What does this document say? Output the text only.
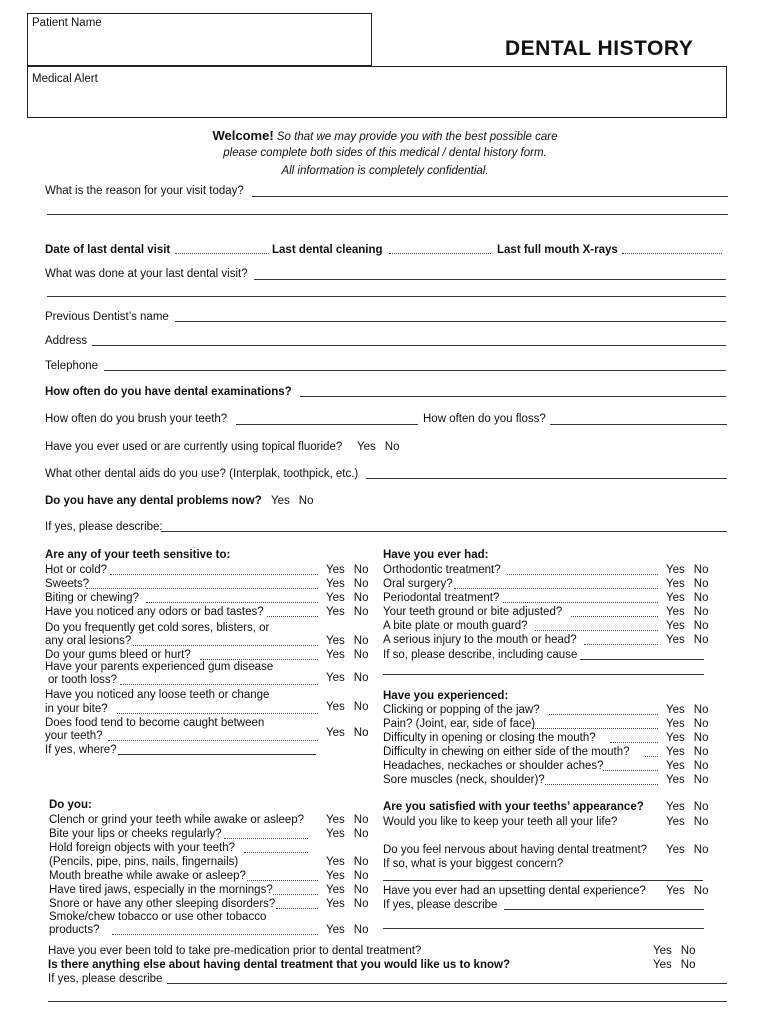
Patient Name
DENTAL HISTORY
Medical Alert
Welcome! So that we may provide you with the best possible care
please complete both sides of this medical / dental history form.
All information is completely confidential.
What is the reason for your visit today?
Date of last dental visit	Last dental cleaning	Last full mouth X-rays
What was done at your last dental visit?
Previous Dentist’s name
Address
Telephone
How often do you have dental examinations?
How often do you brush your teeth?	How often do you floss?
Have you ever used or are currently using topical fluoride? Yes No
What other dental aids do you use? (Interplak, toothpick, etc.)
Do you have any dental problems now? Yes No
If yes, please describe:
Are any of your teeth sensitive to:
Hot or cold?	Yes No
Sweets?	Yes No
Biting or chewing?	Yes No
Have you noticed any odors or bad tastes?	Yes No
Do you frequently get cold sores, blisters, or
any oral lesions?	Yes No
Do your gums bleed or hurt?	Yes No
Have your parents experienced gum disease
or tooth loss?	Yes No
Have you noticed any loose teeth or change
in your bite?	Yes No
Does food tend to become caught between
your teeth?	Yes No
If yes, where?
Have you ever had:
Orthodontic treatment?	Yes No
Oral surgery?	Yes No
Periodontal treatment?	Yes No
Your teeth ground or bite adjusted?	Yes No
A bite plate or mouth guard?	Yes No
A serious injury to the mouth or head?	Yes No
If so, please describe, including cause
Have you experienced:
Clicking or popping of the jaw?	Yes No
Pain? (Joint, ear, side of face)	Yes No
Difficulty in opening or closing the mouth?	Yes No
Difficulty in chewing on either side of the mouth?	Yes No
Headaches, neckaches or shoulder aches?	Yes No
Sore muscles (neck, shoulder)?	Yes No
Do you:
Clench or grind your teeth while awake or asleep? Yes No
Bite your lips or cheeks regularly?	Yes No
Hold foreign objects with your teeth?
(Pencils, pipe, pins, nails, fingernails)	Yes No
Mouth breathe while awake or asleep?	Yes No
Have tired jaws, especially in the mornings?	Yes No
Snore or have any other sleeping disorders?	Yes No
Smoke/chew tobacco or use other tobacco
products?	Yes No
Are you satisfied with your teeths’ appearance? Yes No
Would you like to keep your teeth all your life?	Yes No
Do you feel nervous about having dental treatment? Yes No
If so, what is your biggest concern?
Have you ever had an upsetting dental experience? Yes No
If yes, please describe
Have you ever been told to take pre-medication prior to dental treatment?	Yes No
Is there anything else about having dental treatment that you would like us to know?	Yes No
If yes, please describe
